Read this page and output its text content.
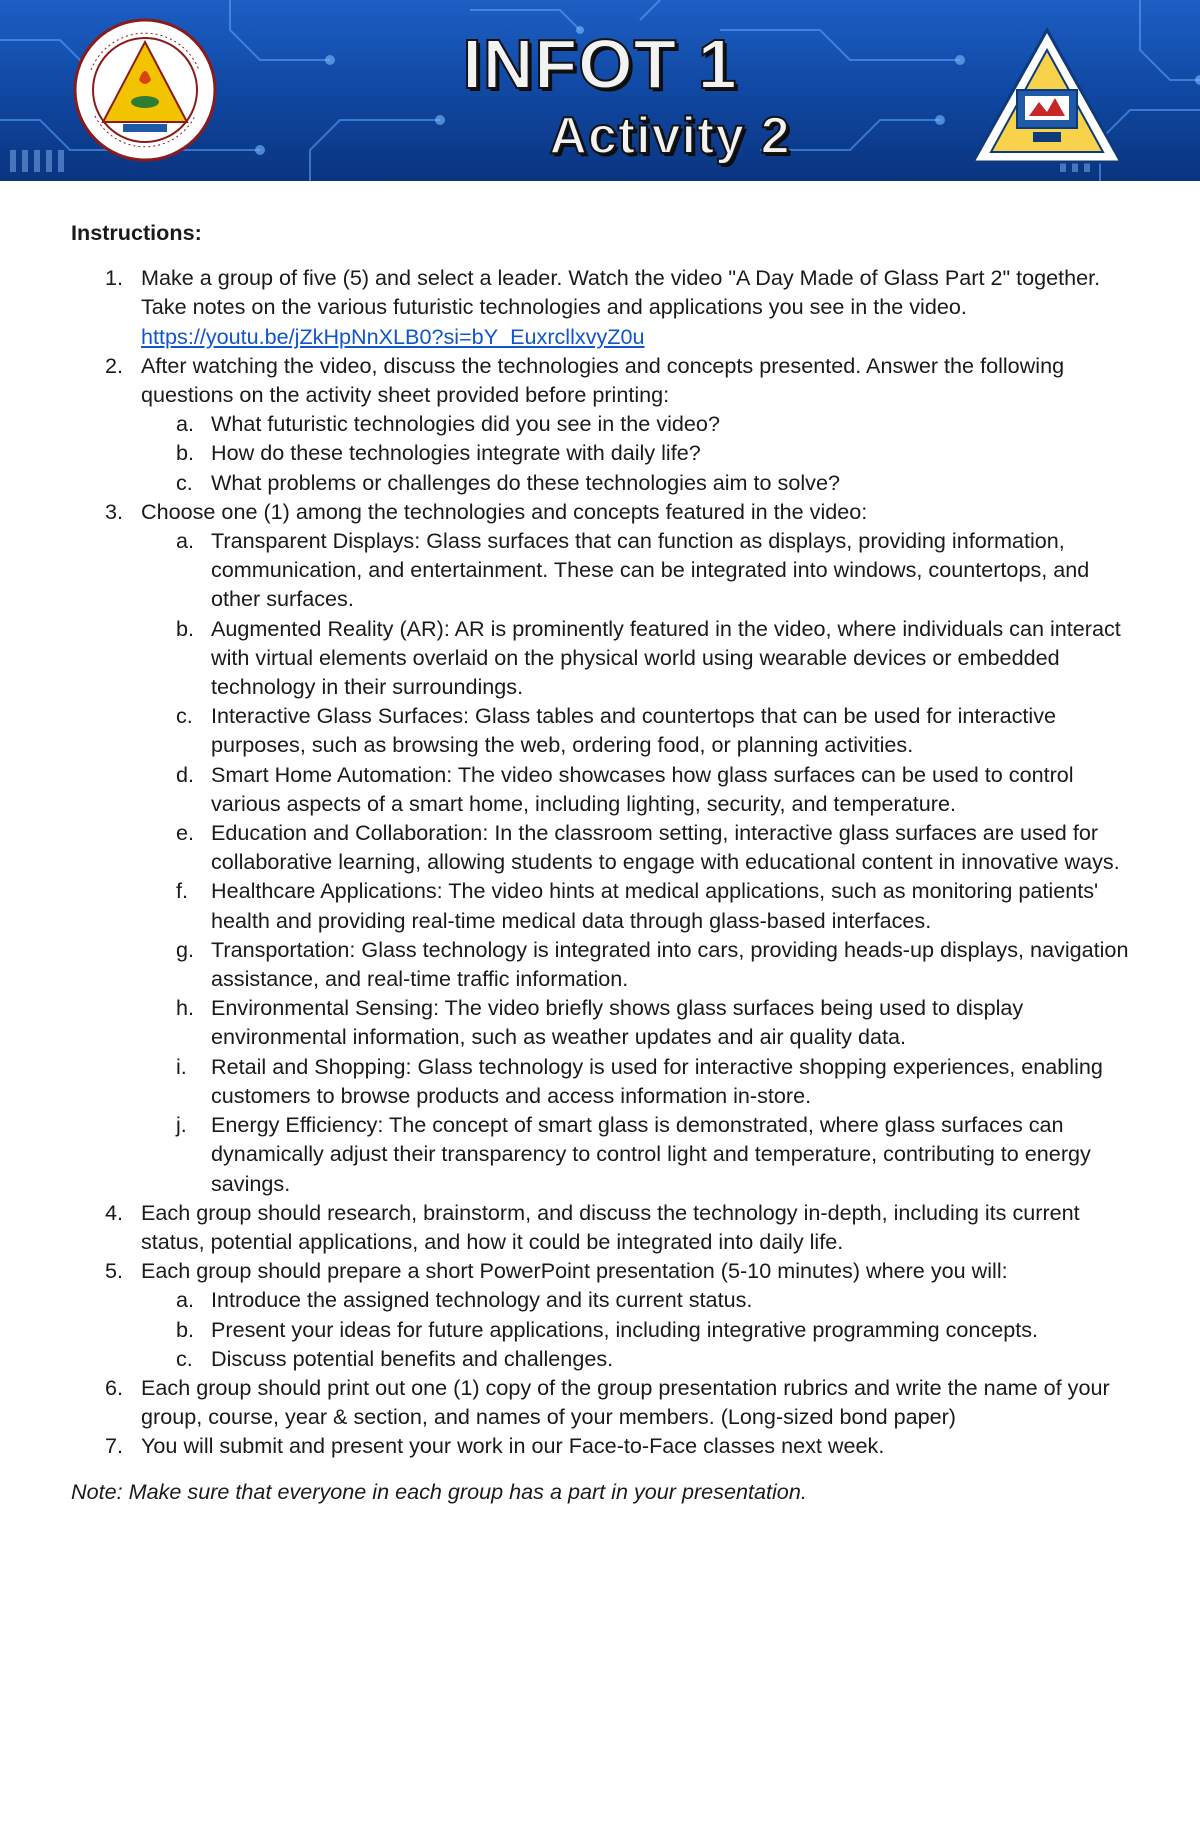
INFOT 1
Activity 2
Instructions:
1. Make a group of five (5) and select a leader. Watch the video "A Day Made of Glass Part 2" together. Take notes on the various futuristic technologies and applications you see in the video. https://youtu.be/jZkHpNnXLB0?si=bY_EuxrcllxvyZ0u
2. After watching the video, discuss the technologies and concepts presented. Answer the following questions on the activity sheet provided before printing:
a. What futuristic technologies did you see in the video?
b. How do these technologies integrate with daily life?
c. What problems or challenges do these technologies aim to solve?
3. Choose one (1) among the technologies and concepts featured in the video:
a. Transparent Displays: Glass surfaces that can function as displays, providing information, communication, and entertainment. These can be integrated into windows, countertops, and other surfaces.
b. Augmented Reality (AR): AR is prominently featured in the video, where individuals can interact with virtual elements overlaid on the physical world using wearable devices or embedded technology in their surroundings.
c. Interactive Glass Surfaces: Glass tables and countertops that can be used for interactive purposes, such as browsing the web, ordering food, or planning activities.
d. Smart Home Automation: The video showcases how glass surfaces can be used to control various aspects of a smart home, including lighting, security, and temperature.
e. Education and Collaboration: In the classroom setting, interactive glass surfaces are used for collaborative learning, allowing students to engage with educational content in innovative ways.
f. Healthcare Applications: The video hints at medical applications, such as monitoring patients' health and providing real-time medical data through glass-based interfaces.
g. Transportation: Glass technology is integrated into cars, providing heads-up displays, navigation assistance, and real-time traffic information.
h. Environmental Sensing: The video briefly shows glass surfaces being used to display environmental information, such as weather updates and air quality data.
i. Retail and Shopping: Glass technology is used for interactive shopping experiences, enabling customers to browse products and access information in-store.
j. Energy Efficiency: The concept of smart glass is demonstrated, where glass surfaces can dynamically adjust their transparency to control light and temperature, contributing to energy savings.
4. Each group should research, brainstorm, and discuss the technology in-depth, including its current status, potential applications, and how it could be integrated into daily life.
5. Each group should prepare a short PowerPoint presentation (5-10 minutes) where you will:
a. Introduce the assigned technology and its current status.
b. Present your ideas for future applications, including integrative programming concepts.
c. Discuss potential benefits and challenges.
6. Each group should print out one (1) copy of the group presentation rubrics and write the name of your group, course, year & section, and names of your members. (Long-sized bond paper)
7. You will submit and present your work in our Face-to-Face classes next week.
Note: Make sure that everyone in each group has a part in your presentation.
